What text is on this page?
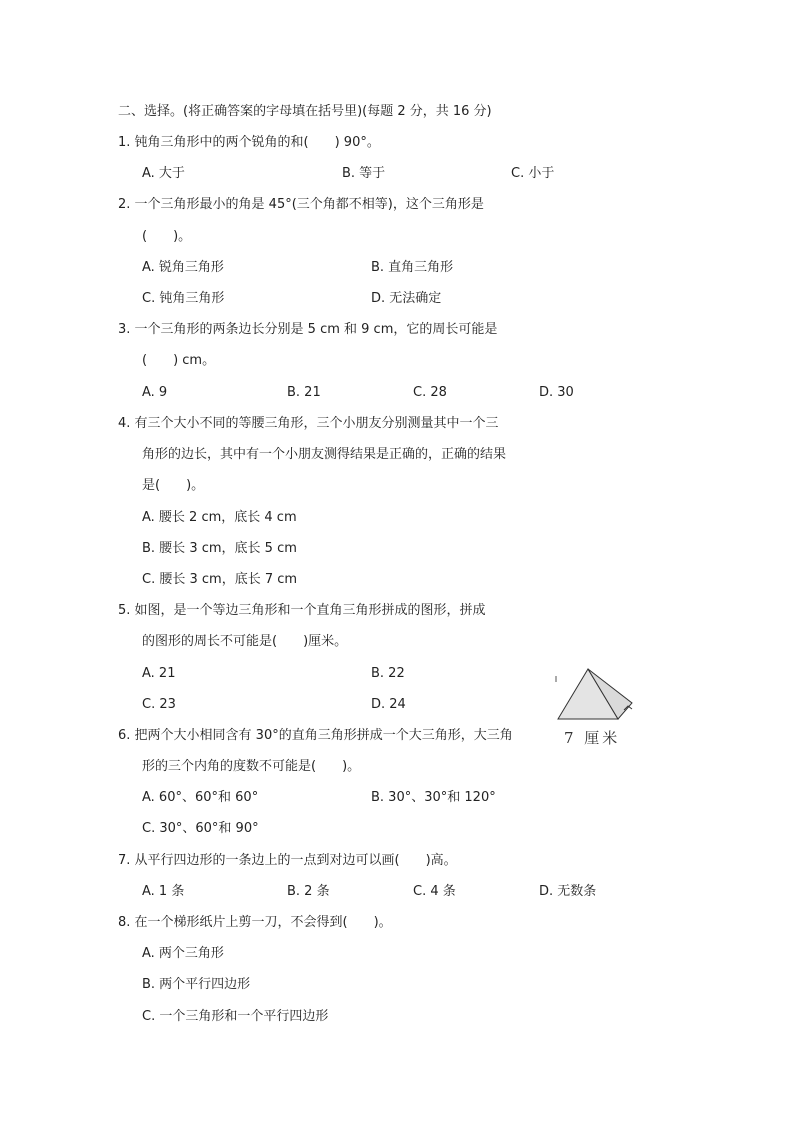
二、选择。(将正确答案的字母填在括号里)(每题 2 分，共 16 分)
1. 钝角三角形中的两个锐角的和(　　) 90°。
A. 大于	B. 等于	C. 小于
2. 一个三角形最小的角是 45°(三个角都不相等)，这个三角形是
(　　)。
A. 锐角三角形	B. 直角三角形
C. 钝角三角形	D. 无法确定
3. 一个三角形的两条边长分别是 5 cm 和 9 cm，它的周长可能是
(　　) cm。
A. 9	B. 21	C. 28	D. 30
4. 有三个大小不同的等腰三角形，三个小朋友分别测量其中一个三
角形的边长，其中有一个小朋友测得结果是正确的，正确的结果
是(　　)。
A. 腰长 2 cm，底长 4 cm
B. 腰长 3 cm，底长 5 cm
C. 腰长 3 cm，底长 7 cm
5. 如图，是一个等边三角形和一个直角三角形拼成的图形，拼成
的图形的周长不可能是(　　)厘米。
A. 21	B. 22
C. 23	D. 24
7 厘米
6. 把两个大小相同含有 30°的直角三角形拼成一个大三角形，大三角
形的三个内角的度数不可能是(　　)。
A. 60°、60°和 60°	B. 30°、30°和 120°
C. 30°、60°和 90°
7. 从平行四边形的一条边上的一点到对边可以画(　　)高。
A. 1 条	B. 2 条	C. 4 条	D. 无数条
8. 在一个梯形纸片上剪一刀，不会得到(　　)。
A. 两个三角形
B. 两个平行四边形
C. 一个三角形和一个平行四边形
